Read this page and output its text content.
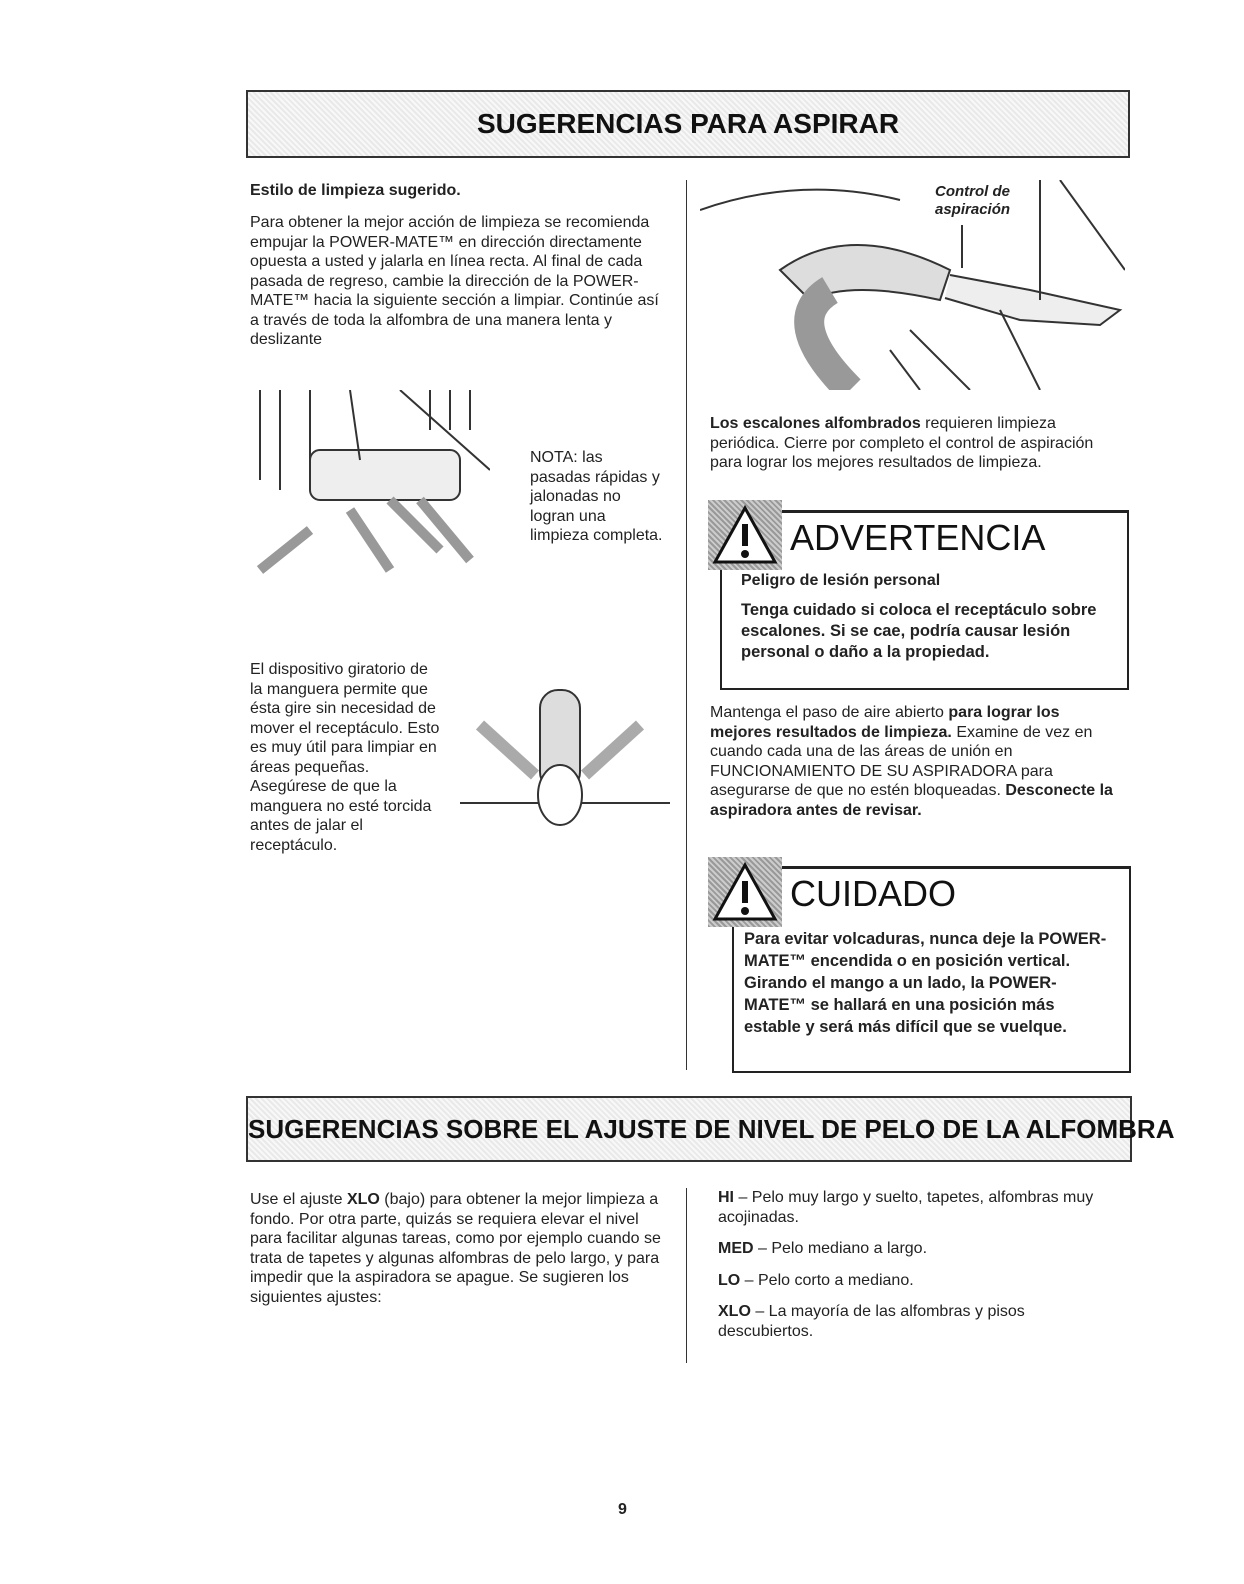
SUGERENCIAS PARA ASPIRAR
Estilo de limpieza sugerido.
Para obtener la mejor acción de limpieza se recomienda empujar la POWER-MATE™ en dirección directamente opuesta a usted y jalarla en línea recta. Al final de cada pasada de regreso, cambie la dirección de la POWER-MATE™ hacia la siguiente sección a limpiar. Continúe así a través de toda la alfombra de una manera lenta y deslizante
NOTA: las pasadas rápidas y jalonadas no logran una limpieza completa.
El dispositivo giratorio de la manguera permite que ésta gire sin necesidad de mover el receptáculo. Esto es muy útil para limpiar en áreas pequeñas. Asegúrese de que la manguera no esté torcida antes de jalar el receptáculo.
Control de aspiración
Los escalones alfombrados requieren limpieza periódica. Cierre por completo el control de aspiración para lograr los mejores resultados de limpieza.
ADVERTENCIA
Peligro de lesión personal
Tenga cuidado si coloca el receptáculo sobre escalones. Si se cae, podría causar lesión personal o daño a la propiedad.
Mantenga el paso de aire abierto para lograr los mejores resultados de limpieza. Examine de vez en cuando cada una de las áreas de unión en FUNCIONAMIENTO DE SU ASPIRADORA para asegurarse de que no estén bloqueadas. Desconecte la aspiradora antes de revisar.
CUIDADO
Para evitar volcaduras, nunca deje la POWER-MATE™ encendida o en posición vertical. Girando el mango a un lado, la POWER-MATE™ se hallará en una posición más estable y será más difícil que se vuelque.
SUGERENCIAS SOBRE EL AJUSTE DE NIVEL DE PELO DE LA ALFOMBRA
Use el ajuste XLO (bajo) para obtener la mejor limpieza a fondo. Por otra parte, quizás se requiera elevar el nivel para facilitar algunas tareas, como por ejemplo cuando se trata de tapetes y algunas alfombras de pelo largo, y para impedir que la aspiradora se apague. Se sugieren los siguientes ajustes:
HI – Pelo muy largo y suelto, tapetes, alfombras muy acojinadas.
MED – Pelo mediano a largo.
LO – Pelo corto a mediano.
XLO – La mayoría de las alfombras y pisos descubiertos.
9
